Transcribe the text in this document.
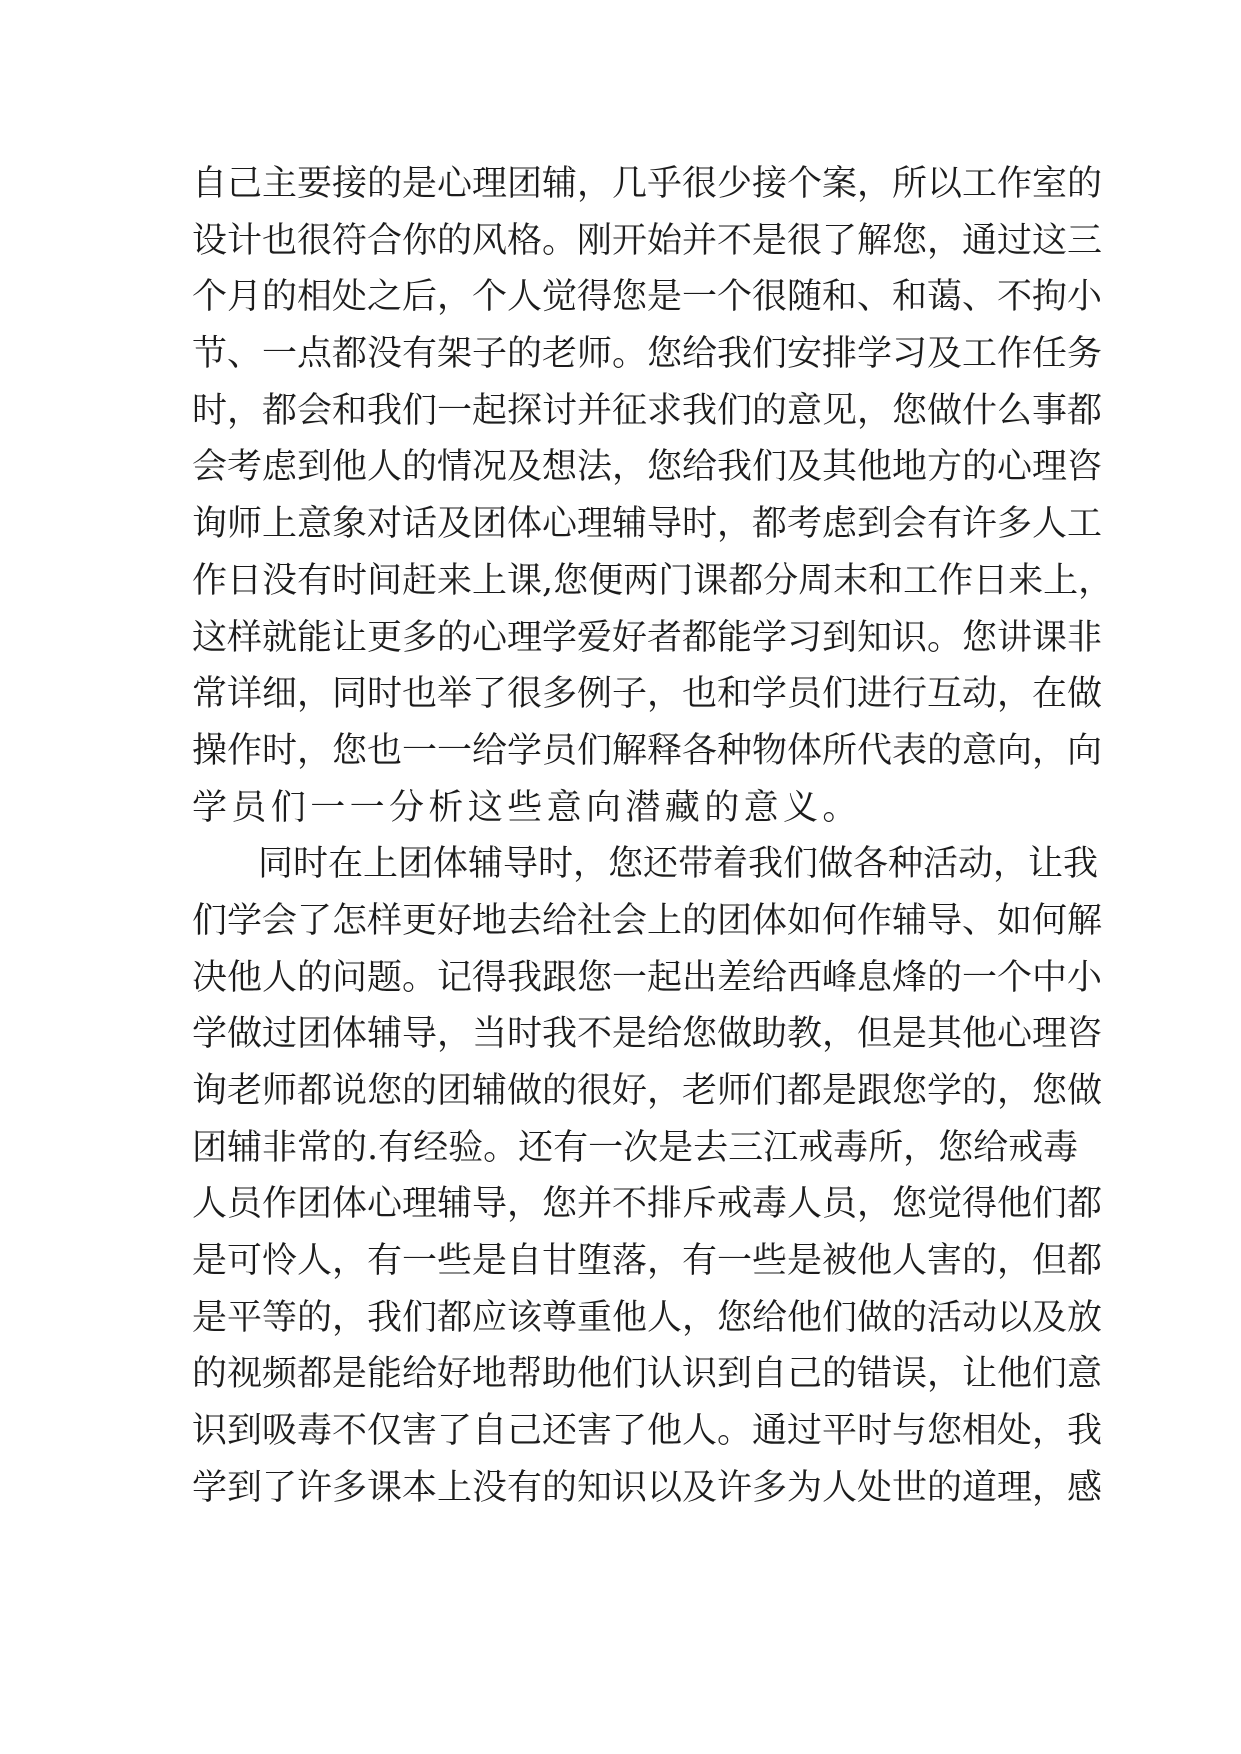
自己主要接的是心理团辅，几乎很少接个案，所以工作室的
设计也很符合你的风格。刚开始并不是很了解您，通过这三
个月的相处之后，个人觉得您是一个很随和、和蔼、不拘小
节、一点都没有架子的老师。您给我们安排学习及工作任务
时，都会和我们一起探讨并征求我们的意见，您做什么事都
会考虑到他人的情况及想法，您给我们及其他地方的心理咨
询师上意象对话及团体心理辅导时，都考虑到会有许多人工
作日没有时间赶来上课,您便两门课都分周末和工作日来上，
这样就能让更多的心理学爱好者都能学习到知识。您讲课非
常详细，同时也举了很多例子，也和学员们进行互动，在做
操作时，您也一一给学员们解释各种物体所代表的意向，向
学员们一一分析这些意向潜藏的意义。
同时在上团体辅导时，您还带着我们做各种活动，让我
们学会了怎样更好地去给社会上的团体如何作辅导、如何解
决他人的问题。记得我跟您一起出差给西峰息烽的一个中小
学做过团体辅导，当时我不是给您做助教，但是其他心理咨
询老师都说您的团辅做的很好，老师们都是跟您学的，您做
团辅非常的.有经验。还有一次是去三江戒毒所，您给戒毒
人员作团体心理辅导，您并不排斥戒毒人员，您觉得他们都
是可怜人，有一些是自甘堕落，有一些是被他人害的，但都
是平等的，我们都应该尊重他人，您给他们做的活动以及放
的视频都是能给好地帮助他们认识到自己的错误，让他们意
识到吸毒不仅害了自己还害了他人。通过平时与您相处，我
学到了许多课本上没有的知识以及许多为人处世的道理，感
